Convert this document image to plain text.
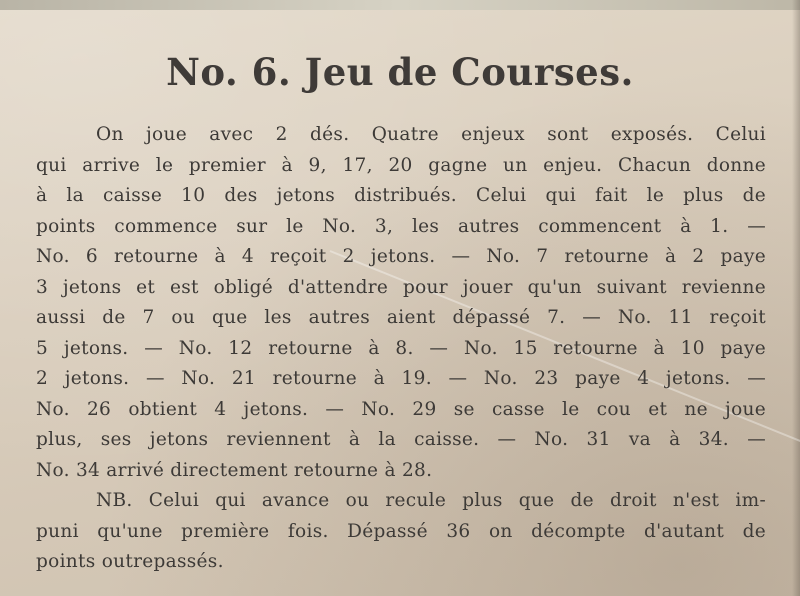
No. 6. Jeu de Courses.
On joue avec 2 dés. Quatre enjeux sont exposés. Celui
qui arrive le premier à 9, 17, 20 gagne un enjeu. Chacun donne
à la caisse 10 des jetons distribués. Celui qui fait le plus de
points commence sur le No. 3, les autres commencent à 1. —
No. 6 retourne à 4 reçoit 2 jetons. — No. 7 retourne à 2 paye
3 jetons et est obligé d'attendre pour jouer qu'un suivant revienne
aussi de 7 ou que les autres aient dépassé 7. — No. 11 reçoit
5 jetons. — No. 12 retourne à 8. — No. 15 retourne à 10 paye
2 jetons. — No. 21 retourne à 19. — No. 23 paye 4 jetons. —
No. 26 obtient 4 jetons. — No. 29 se casse le cou et ne joue
plus, ses jetons reviennent à la caisse. — No. 31 va à 34. —
No. 34 arrivé directement retourne à 28.
NB. Celui qui avance ou recule plus que de droit n'est im-
puni qu'une première fois. Dépassé 36 on décompte d'autant de
points outrepassés.
